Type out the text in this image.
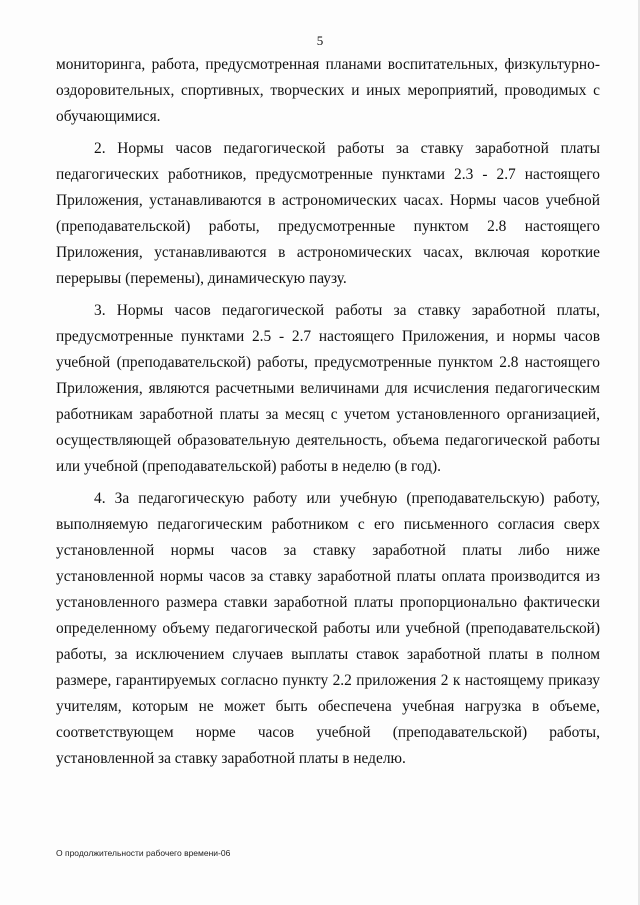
5

мониторинга, работа, предусмотренная планами воспитательных, физкультурно-оздоровительных, спортивных, творческих и иных мероприятий, проводимых с обучающимися.

2. Нормы часов педагогической работы за ставку заработной платы педагогических работников, предусмотренные пунктами 2.3 - 2.7 настоящего Приложения, устанавливаются в астрономических часах. Нормы часов учебной (преподавательской) работы, предусмотренные пунктом 2.8 настоящего Приложения, устанавливаются в астрономических часах, включая короткие перерывы (перемены), динамическую паузу.

3. Нормы часов педагогической работы за ставку заработной платы, предусмотренные пунктами 2.5 - 2.7 настоящего Приложения, и нормы часов учебной (преподавательской) работы, предусмотренные пунктом 2.8 настоящего Приложения, являются расчетными величинами для исчисления педагогическим работникам заработной платы за месяц с учетом установленного организацией, осуществляющей образовательную деятельность, объема педагогической работы или учебной (преподавательской) работы в неделю (в год).

4. За педагогическую работу или учебную (преподавательскую) работу, выполняемую педагогическим работником с его письменного согласия сверх установленной нормы часов за ставку заработной платы либо ниже установленной нормы часов за ставку заработной платы оплата производится из установленного размера ставки заработной платы пропорционально фактически определенному объему педагогической работы или учебной (преподавательской) работы, за исключением случаев выплаты ставок заработной платы в полном размере, гарантируемых согласно пункту 2.2 приложения 2 к настоящему приказу учителям, которым не может быть обеспечена учебная нагрузка в объеме, соответствующем норме часов учебной (преподавательской) работы, установленной за ставку заработной платы в неделю.

О продолжительности рабочего времени-06
